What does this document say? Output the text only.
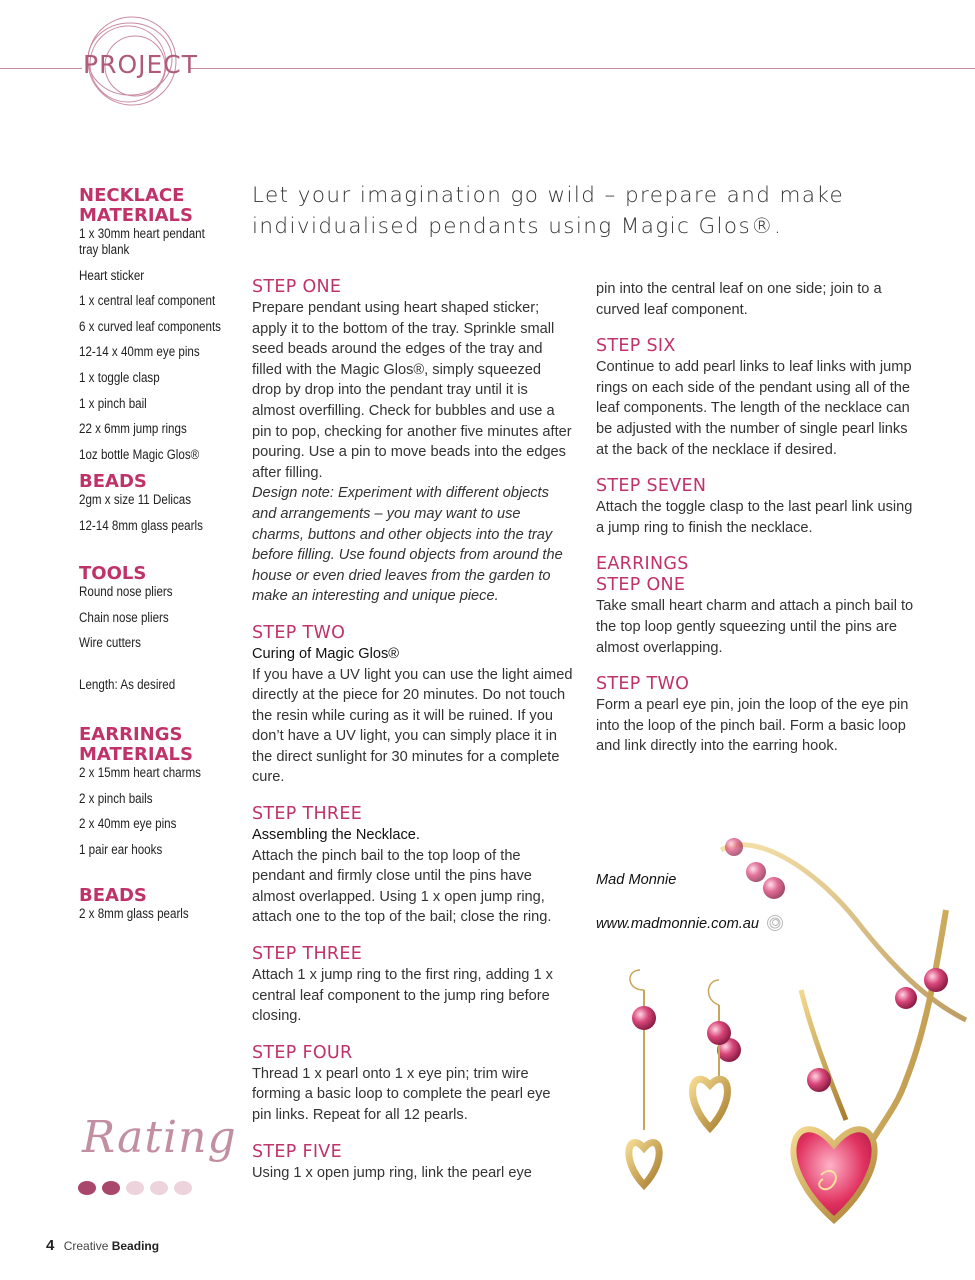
PROJECT
NECKLACE
MATERIALS
1 x 30mm heart pendant tray blank
Heart sticker
1 x central leaf component
6 x curved leaf components
12-14 x 40mm eye pins
1 x toggle clasp
1 x pinch bail
22 x 6mm jump rings
1oz bottle Magic Glos®
BEADS
2gm x size 11 Delicas
12-14 8mm glass pearls
TOOLS
Round nose pliers
Chain nose pliers
Wire cutters
Length: As desired
EARRINGS
MATERIALS
2 x 15mm heart charms
2 x pinch bails
2 x 40mm eye pins
1 pair ear hooks
BEADS
2 x 8mm glass pearls
Let your imagination go wild – prepare and make individualised pendants using Magic Glos®.
STEP ONE

Prepare pendant using heart shaped sticker; apply it to the bottom of the tray. Sprinkle small seed beads around the edges of the tray and filled with the Magic Glos®, simply squeezed drop by drop into the pendant tray until it is almost overfilling. Check for bubbles and use a pin to pop, checking for another five minutes after pouring. Use a pin to move beads into the edges after filling.

Design note: Experiment with different objects and arrangements – you may want to use charms, buttons and other objects into the tray before filling. Use found objects from around the house or even dried leaves from the garden to make an interesting and unique piece.

STEP TWO

Curing of Magic Glos®

If you have a UV light you can use the light aimed directly at the piece for 20 minutes. Do not touch the resin while curing as it will be ruined. If you don’t have a UV light, you can simply place it in the direct sunlight for 30 minutes for a complete cure.

STEP THREE

Assembling the Necklace.

Attach the pinch bail to the top loop of the pendant and firmly close until the pins have almost overlapped. Using 1 x open jump ring, attach one to the top of the bail; close the ring.

STEP THREE

Attach 1 x jump ring to the first ring, adding 1 x central leaf component to the jump ring before closing.

STEP FOUR

Thread 1 x pearl onto 1 x eye pin; trim wire forming a basic loop to complete the pearl eye pin links. Repeat for all 12 pearls.

STEP FIVE

Using 1 x open jump ring, link the pearl eye

pin into the central leaf on one side; join to a curved leaf component.

STEP SIX

Continue to add pearl links to leaf links with jump rings on each side of the pendant using all of the leaf components. The length of the necklace can be adjusted with the number of single pearl links at the back of the necklace if desired.

STEP SEVEN

Attach the toggle clasp to the last pearl link using a jump ring to finish the necklace.

EARRINGS
STEP ONE

Take small heart charm and attach a pinch bail to the top loop gently squeezing until the pins are almost overlapping.

STEP TWO

Form a pearl eye pin, join the loop of the eye pin into the loop of the pinch bail. Form a basic loop and link directly into the earring hook.

Mad Monnie
www.madmonnie.com.au
Rating
4 Creative Beading
